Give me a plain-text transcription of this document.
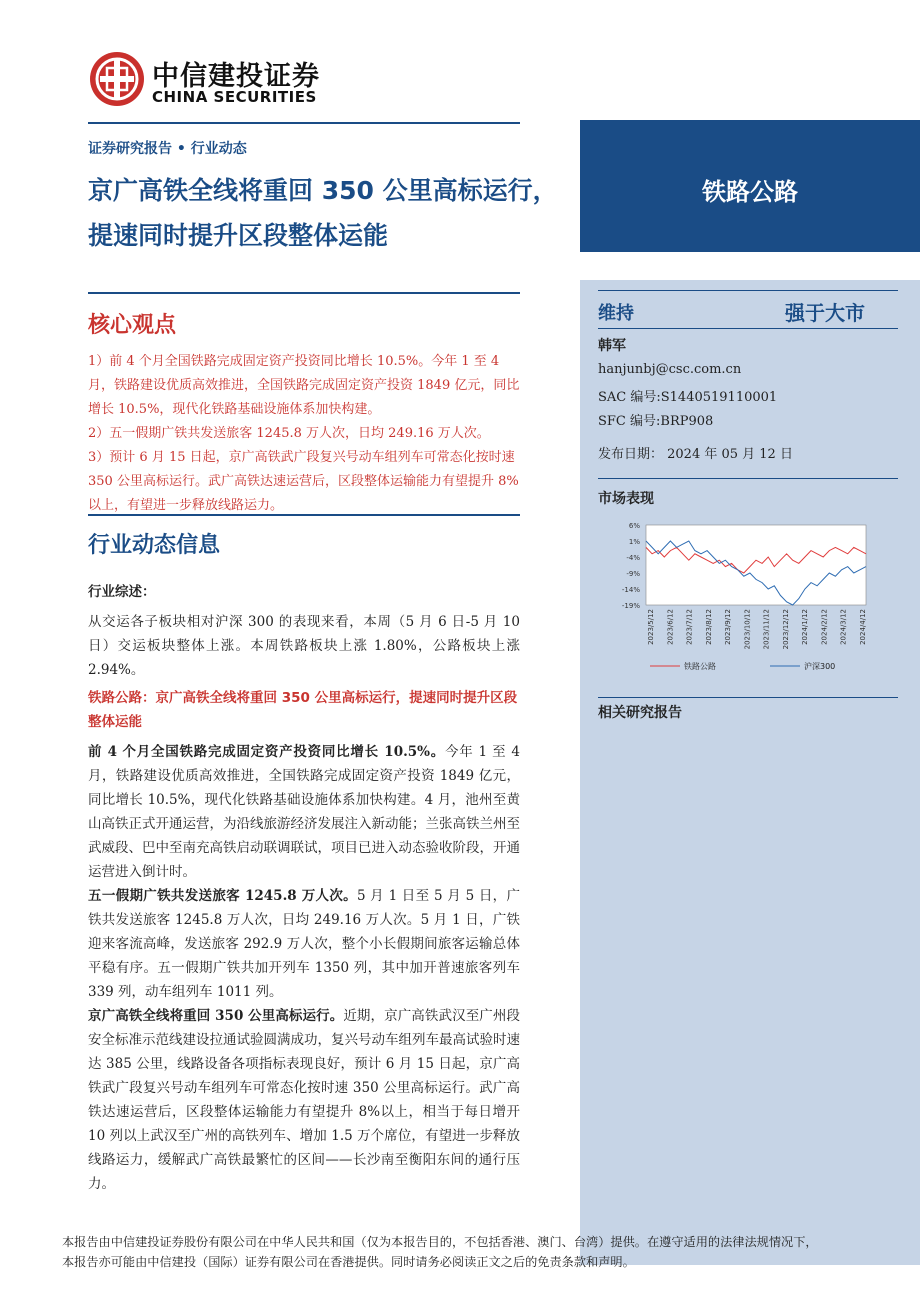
中信建投证券
CHINA SECURITIES
证券研究报告 • 行业动态
京广高铁全线将重回 350 公里高标运行，提速同时提升区段整体运能
核心观点

1）前 4 个月全国铁路完成固定资产投资同比增长 10.5%。今年 1 至 4 月，铁路建设优质高效推进，全国铁路完成固定资产投资 1849 亿元，同比增长 10.5%，现代化铁路基础设施体系加快构建。

2）五一假期广铁共发送旅客 1245.8 万人次，日均 249.16 万人次。

3）预计 6 月 15 日起，京广高铁武广段复兴号动车组列车可常态化按时速 350 公里高标运行。武广高铁达速运营后，区段整体运输能力有望提升 8%以上，有望进一步释放线路运力。

行业动态信息
行业综述：
从交运各子板块相对沪深 300 的表现来看，本周（5 月 6 日-5 月 10 日）交运板块整体上涨。本周铁路板块上涨 1.80%，公路板块上涨 2.94%。
铁路公路：京广高铁全线将重回 350 公里高标运行，提速同时提升区段整体运能
前 4 个月全国铁路完成固定资产投资同比增长 10.5%。今年 1 至 4 月，铁路建设优质高效推进，全国铁路完成固定资产投资 1849 亿元，同比增长 10.5%，现代化铁路基础设施体系加快构建。4 月，池州至黄山高铁正式开通运营，为沿线旅游经济发展注入新动能；兰张高铁兰州至武威段、巴中至南充高铁启动联调联试，项目已进入动态验收阶段，开通运营进入倒计时。
五一假期广铁共发送旅客 1245.8 万人次。5 月 1 日至 5 月 5 日，广铁共发送旅客 1245.8 万人次，日均 249.16 万人次。5 月 1 日，广铁迎来客流高峰，发送旅客 292.9 万人次，整个小长假期间旅客运输总体平稳有序。五一假期广铁共加开列车 1350 列，其中加开普速旅客列车 339 列，动车组列车 1011 列。
京广高铁全线将重回 350 公里高标运行。近期，京广高铁武汉至广州段安全标准示范线建设拉通试验圆满成功，复兴号动车组列车最高试验时速达 385 公里，线路设备各项指标表现良好，预计 6 月 15 日起，京广高铁武广段复兴号动车组列车可常态化按时速 350 公里高标运行。武广高铁达速运营后，区段整体运输能力有望提升 8%以上，相当于每日增开 10 列以上武汉至广州的高铁列车、增加 1.5 万个席位，有望进一步释放线路运力，缓解武广高铁最繁忙的区间——长沙南至衡阳东间的通行压力。
铁路公路
维持	强于大市
韩军
hanjunbj@csc.com.cn
SAC 编号:S1440519110001
SFC 编号:BRP908
发布日期： 2024 年 05 月 12 日
市场表现
6%
1%
-4%
-9%
-14%
-19%
2023/5/12 2023/6/12 2023/7/12 2023/8/12 2023/9/12 2023/10/12 2023/11/12 2023/12/12 2024/1/12 2024/2/12 2024/3/12 2024/4/12
铁路公路	沪深300
相关研究报告
本报告由中信建投证券股份有限公司在中华人民共和国（仅为本报告目的，不包括香港、澳门、台湾）提供。在遵守适用的法律法规情况下，
本报告亦可能由中信建投（国际）证券有限公司在香港提供。同时请务必阅读正文之后的免责条款和声明。
